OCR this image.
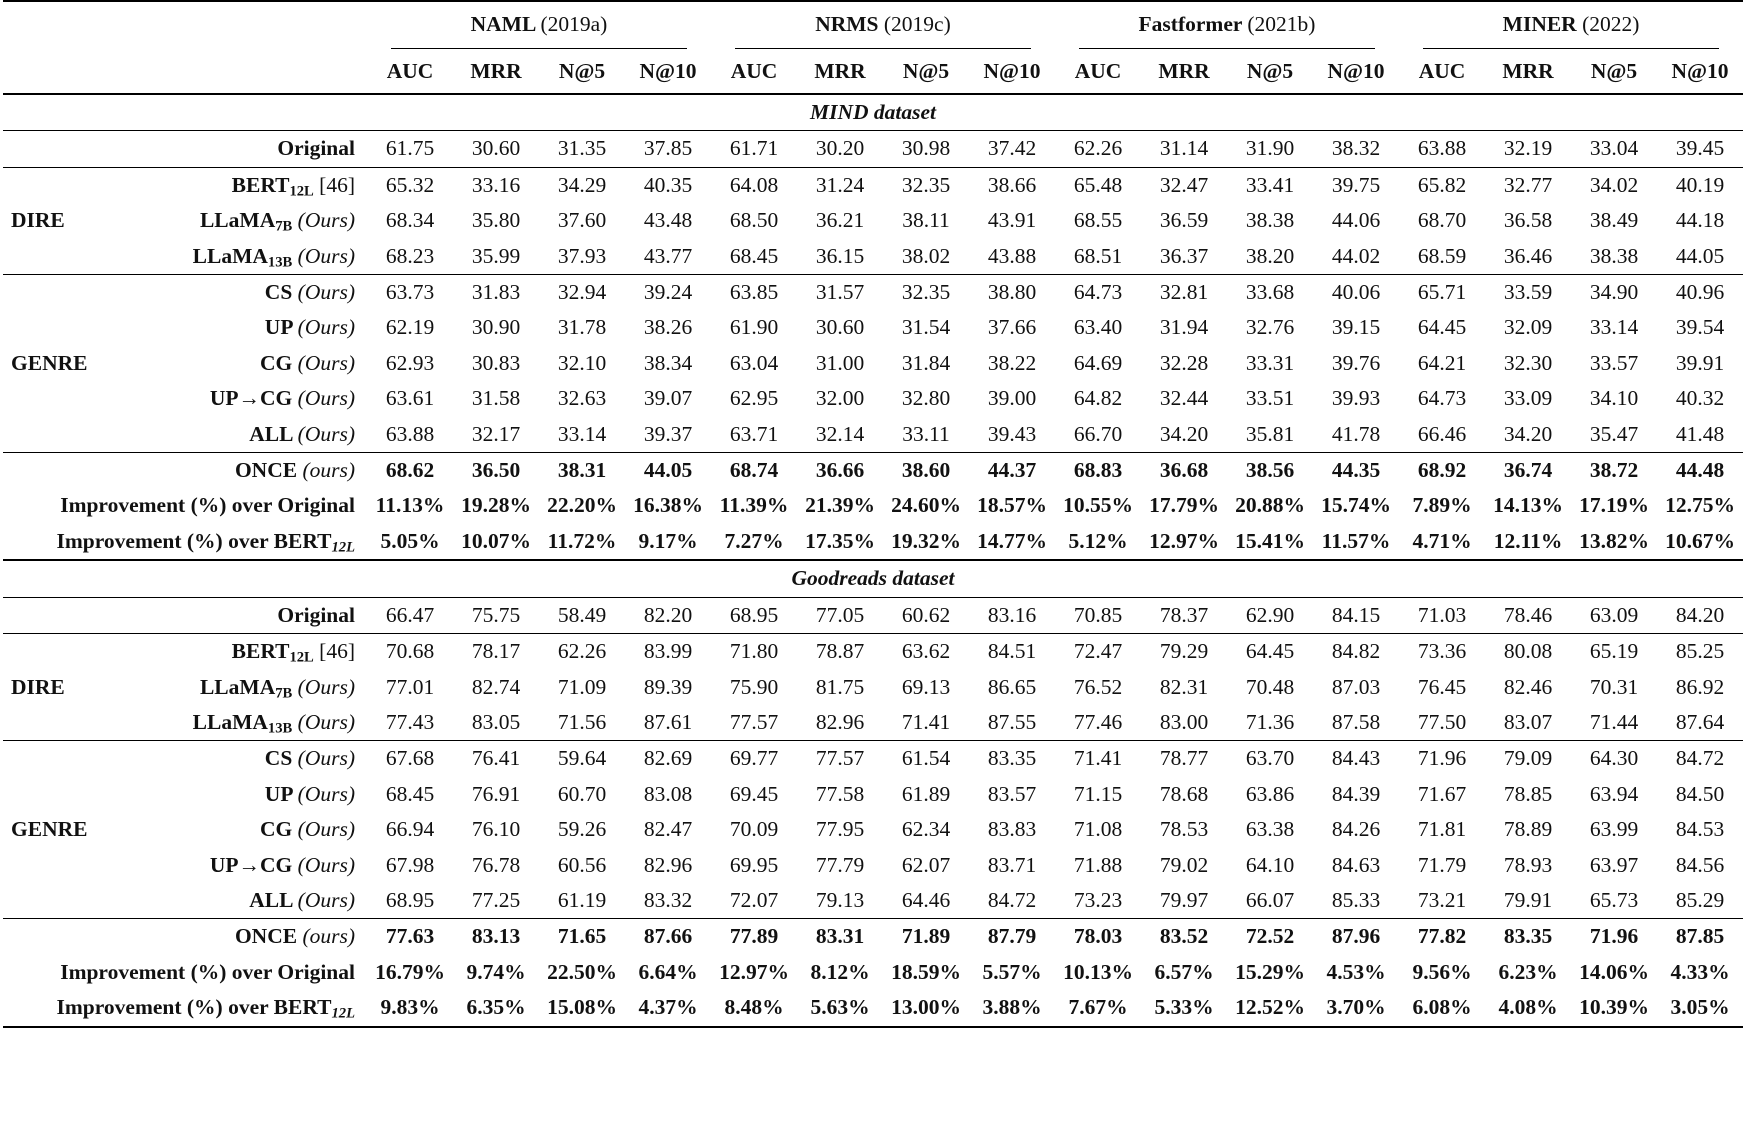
		NAML (2019a)				NRMS (2019c)				Fastformer (2021b)				MINER (2022)			
		AUC	MRR	N@5	N@10	AUC	MRR	N@5	N@10	AUC	MRR	N@5	N@10	AUC	MRR	N@5	N@10
MIND dataset																	
	Original	61.75	30.60	31.35	37.85	61.71	30.20	30.98	37.42	62.26	31.14	31.90	38.32	63.88	32.19	33.04	39.45
DIRE	$BERT_{12L}$ [46]	65.32	33.16	34.29	40.35	64.08	31.24	32.35	38.66	65.48	32.47	33.41	39.75	65.82	32.77	34.02	40.19
	LLaMA$_{7B}$ (Ours)	68.34	35.80	37.60	43.48	68.50	36.21	38.11	43.91	68.55	36.59	38.38	44.06	68.70	36.58	38.49	44.18
	LLaMA$_{13B}$ (Ours)	68.23	35.99	37.93	43.77	68.45	36.15	38.02	43.88	68.51	36.37	38.20	44.02	68.59	36.46	38.38	44.05
GENRE	CS (Ours)	63.73	31.83	32.94	39.24	63.85	31.57	32.35	38.80	64.73	32.81	33.68	40.06	65.71	33.59	34.90	40.96
	UP (Ours)	62.19	30.90	31.78	38.26	61.90	30.60	31.54	37.66	63.40	31.94	32.76	39.15	64.45	32.09	33.14	39.54
	CG (Ours)	62.93	30.83	32.10	38.34	63.04	31.00	31.84	38.22	64.69	32.28	33.31	39.76	64.21	32.30	33.57	39.91
	UP→CG (Ours)	63.61	31.58	32.63	39.07	62.95	32.00	32.80	39.00	64.82	32.44	33.51	39.93	64.73	33.09	34.10	40.32
	ALL (Ours)	63.88	32.17	33.14	39.37	63.71	32.14	33.11	39.43	66.70	34.20	35.81	41.78	66.46	34.20	35.47	41.48
	ONCE (ours)	68.62	36.50	38.31	44.05	68.74	36.66	38.60	44.37	68.83	36.68	38.56	44.35	68.92	36.74	38.72	44.48
Improvement (%) over Original		11.13%	19.28%	22.20%	16.38%	11.39%	21.39%	24.60%	18.57%	10.55%	17.79%	20.88%	15.74%	7.89%	14.13%	17.19%	12.75%
Improvement (%) over $BERT_{12L}$		5.05%	10.07%	11.72%	9.17%	7.27%	17.35%	19.32%	14.77%	5.12%	12.97%	15.41%	11.57%	4.71%	12.11%	13.82%	10.67%
Goodreads dataset																	
	Original	66.47	75.75	58.49	82.20	68.95	77.05	60.62	83.16	70.85	78.37	62.90	84.15	71.03	78.46	63.09	84.20
DIRE	$BERT_{12L}$ [46]	70.68	78.17	62.26	83.99	71.80	78.87	63.62	84.51	72.47	79.29	64.45	84.82	73.36	80.08	65.19	85.25
	LLaMA$_{7B}$ (Ours)	77.01	82.74	71.09	89.39	75.90	81.75	69.13	86.65	76.52	82.31	70.48	87.03	76.45	82.46	70.31	86.92
	LLaMA$_{13B}$ (Ours)	77.43	83.05	71.56	87.61	77.57	82.96	71.41	87.55	77.46	83.00	71.36	87.58	77.50	83.07	71.44	87.64
GENRE	CS (Ours)	67.68	76.41	59.64	82.69	69.77	77.57	61.54	83.35	71.41	78.77	63.70	84.43	71.96	79.09	64.30	84.72
	UP (Ours)	68.45	76.91	60.70	83.08	69.45	77.58	61.89	83.57	71.15	78.68	63.86	84.39	71.67	78.85	63.94	84.50
	CG (Ours)	66.94	76.10	59.26	82.47	70.09	77.95	62.34	83.83	71.08	78.53	63.38	84.26	71.81	78.89	63.99	84.53
	UP→CG (Ours)	67.98	76.78	60.56	82.96	69.95	77.79	62.07	83.71	71.88	79.02	64.10	84.63	71.79	78.93	63.97	84.56
	ALL (Ours)	68.95	77.25	61.19	83.32	72.07	79.13	64.46	84.72	73.23	79.97	66.07	85.33	73.21	79.91	65.73	85.29
	ONCE (ours)	77.63	83.13	71.65	87.66	77.89	83.31	71.89	87.79	78.03	83.52	72.52	87.96	77.82	83.35	71.96	87.85
Improvement (%) over Original		16.79%	9.74%	22.50%	6.64%	12.97%	8.12%	18.59%	5.57%	10.13%	6.57%	15.29%	4.53%	9.56%	6.23%	14.06%	4.33%
Improvement (%) over $BERT_{12L}$		9.83%	6.35%	15.08%	4.37%	8.48%	5.63%	13.00%	3.88%	7.67%	5.33%	12.52%	3.70%	6.08%	4.08%	10.39%	3.05%
